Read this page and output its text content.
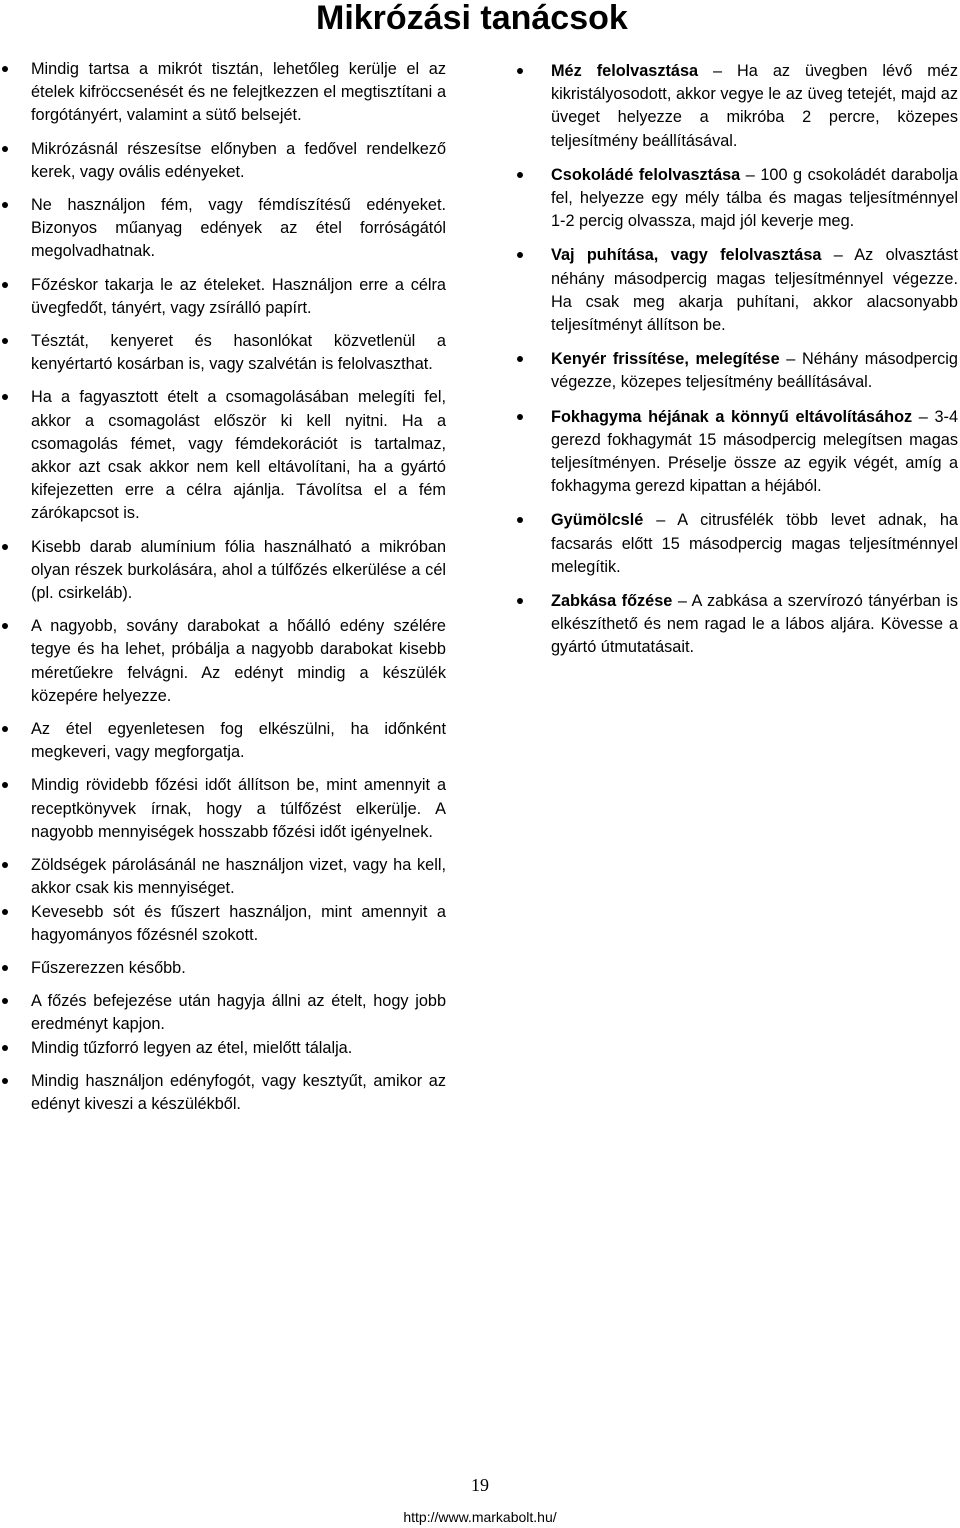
Mikrózási tanácsok
Mindig tartsa a mikrót tisztán, lehetőleg kerülje el az ételek kifröccsenését és ne felejtkezzen el megtisztítani a forgótányért, valamint a sütő belsejét.
Mikrózásnál részesítse előnyben a fedővel rendelkező kerek, vagy ovális edényeket.
Ne használjon fém, vagy fémdíszítésű edényeket. Bizonyos műanyag edények az étel forróságától megolvadhatnak.
Főzéskor takarja le az ételeket. Használjon erre a célra üvegfedőt, tányért, vagy zsírálló papírt.
Tésztát, kenyeret és hasonlókat közvetlenül a kenyértartó kosárban is, vagy szalvétán is felolvaszthat.
Ha a fagyasztott ételt a csomagolásában melegíti fel, akkor a csomagolást először ki kell nyitni. Ha a csomagolás fémet, vagy fémdekorációt is tartalmaz, akkor azt csak akkor nem kell eltávolítani, ha a gyártó kifejezetten erre a célra ajánlja. Távolítsa el a fém zárókapcsot is.
Kisebb darab alumínium fólia használható a mikróban olyan részek burkolására, ahol a túlfőzés elkerülése a cél (pl. csirkeláb).
A nagyobb, sovány darabokat a hőálló edény szélére tegye és ha lehet, próbálja a nagyobb darabokat kisebb méretűekre felvágni. Az edényt mindig a készülék közepére helyezze.
Az étel egyenletesen fog elkészülni, ha időnként megkeveri, vagy megforgatja.
Mindig rövidebb főzési időt állítson be, mint amennyit a receptkönyvek írnak, hogy a túlfőzést elkerülje. A nagyobb mennyiségek hosszabb főzési időt igényelnek.
Zöldségek párolásánál ne használjon vizet, vagy ha kell, akkor csak kis mennyiséget.
Kevesebb sót és fűszert használjon, mint amennyit a hagyományos főzésnél szokott.
Fűszerezzen később.
A főzés befejezése után hagyja állni az ételt, hogy jobb eredményt kapjon.
Mindig tűzforró legyen az étel, mielőtt tálalja.
Mindig használjon edényfogót, vagy kesztyűt, amikor az edényt kiveszi a készülékből.
Méz felolvasztása – Ha az üvegben lévő méz kikristályosodott, akkor vegye le az üveg tetejét, majd az üveget helyezze a mikróba 2 percre, közepes teljesítmény beállításával.
Csokoládé felolvasztása – 100 g csokoládét darabolja fel, helyezze egy mély tálba és magas teljesítménnyel 1-2 percig olvassza, majd jól keverje meg.
Vaj puhítása, vagy felolvasztása – Az olvasztást néhány másodpercig magas teljesítménnyel végezze. Ha csak meg akarja puhítani, akkor alacsonyabb teljesítményt állítson be.
Kenyér frissítése, melegítése – Néhány másodpercig végezze, közepes teljesítmény beállításával.
Fokhagyma héjának a könnyű eltávolításához – 3-4 gerezd fokhagymát 15 másodpercig melegítsen magas teljesítményen. Préselje össze az egyik végét, amíg a fokhagyma gerezd kipattan a héjából.
Gyümölcslé – A citrusfélék több levet adnak, ha facsarás előtt 15 másodpercig magas teljesítménnyel melegítik.
Zabkása főzése – A zabkása a szervírozó tányérban is elkészíthető és nem ragad le a lábos aljára. Kövesse a gyártó útmutatásait.
19
http://www.markabolt.hu/
